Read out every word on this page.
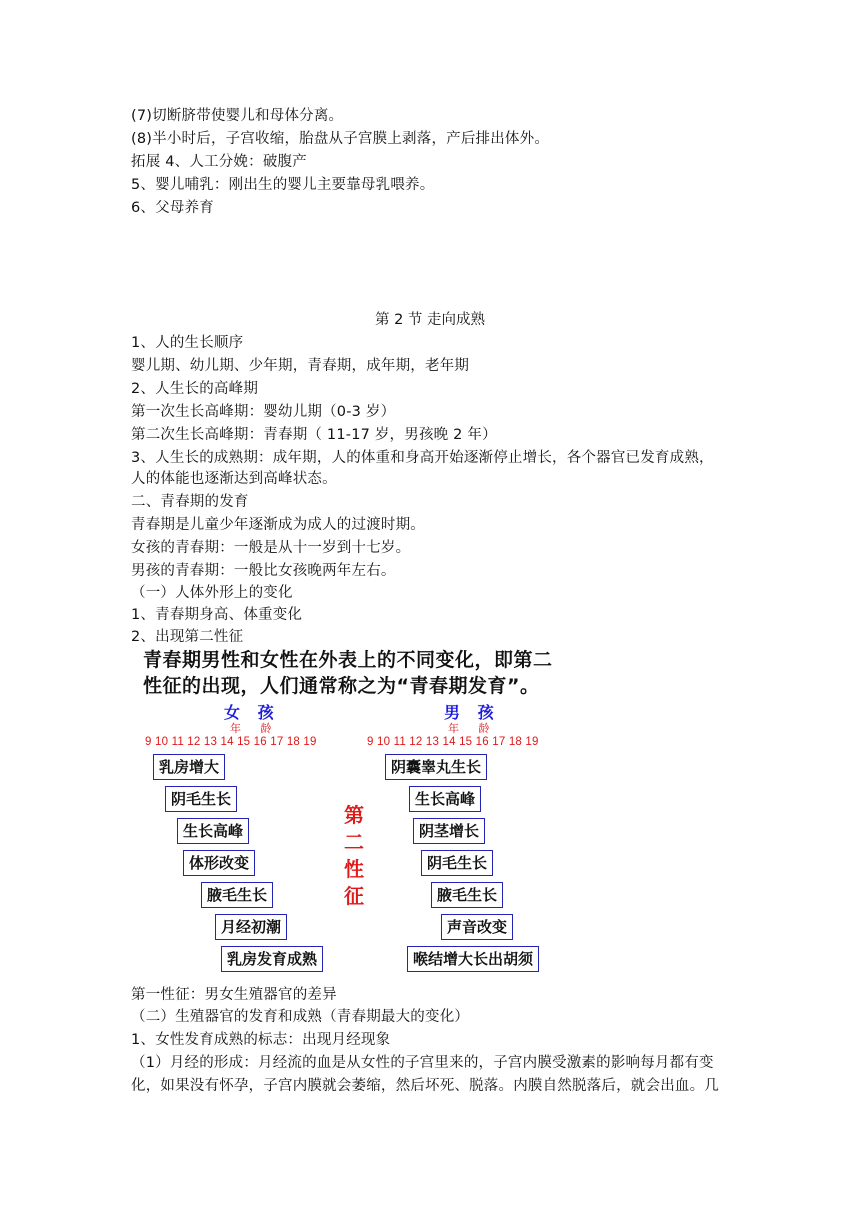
(7)切断脐带使婴儿和母体分离。
(8)半小时后，子宫收缩，胎盘从子宫膜上剥落，产后排出体外。
拓展 4、人工分娩：破腹产
5、婴儿哺乳：刚出生的婴儿主要靠母乳喂养。
6、父母养育
第 2 节 走向成熟
1、人的生长顺序
婴儿期、幼儿期、少年期，青春期，成年期，老年期
2、人生长的高峰期
第一次生长高峰期：婴幼儿期（0-3 岁）
第二次生长高峰期：青春期（ 11-17 岁，男孩晚 2 年）
3、人生长的成熟期：成年期，人的体重和身高开始逐渐停止增长，各个器官已发育成熟，
人的体能也逐渐达到高峰状态。
二、青春期的发育
青春期是儿童少年逐渐成为成人的过渡时期。
女孩的青春期：一般是从十一岁到十七岁。
男孩的青春期：一般比女孩晚两年左右。
（一）人体外形上的变化
1、青春期身高、体重变化
2、出现第二性征
青春期男性和女性在外表上的不同变化，即第二
性征的出现，人们通常称之为“青春期发育”。
女 孩
年 龄
9 10 11 12 13 14 15 16 17 18 19
男 孩
年 龄
9 10 11 12 13 14 15 16 17 18 19
乳房增大
阴毛生长
生长高峰
体形改变
腋毛生长
月经初潮
乳房发育成熟
第
二
性
征
阴囊睾丸生长
生长高峰
阴茎增长
阴毛生长
腋毛生长
声音改变
喉结增大长出胡须
第一性征：男女生殖器官的差异
（二）生殖器官的发育和成熟（青春期最大的变化）
1、女性发育成熟的标志：出现月经现象
（1）月经的形成：月经流的血是从女性的子宫里来的，子宫内膜受激素的影响每月都有变
化，如果没有怀孕，子宫内膜就会萎缩，然后坏死、脱落。内膜自然脱落后，就会出血。几
